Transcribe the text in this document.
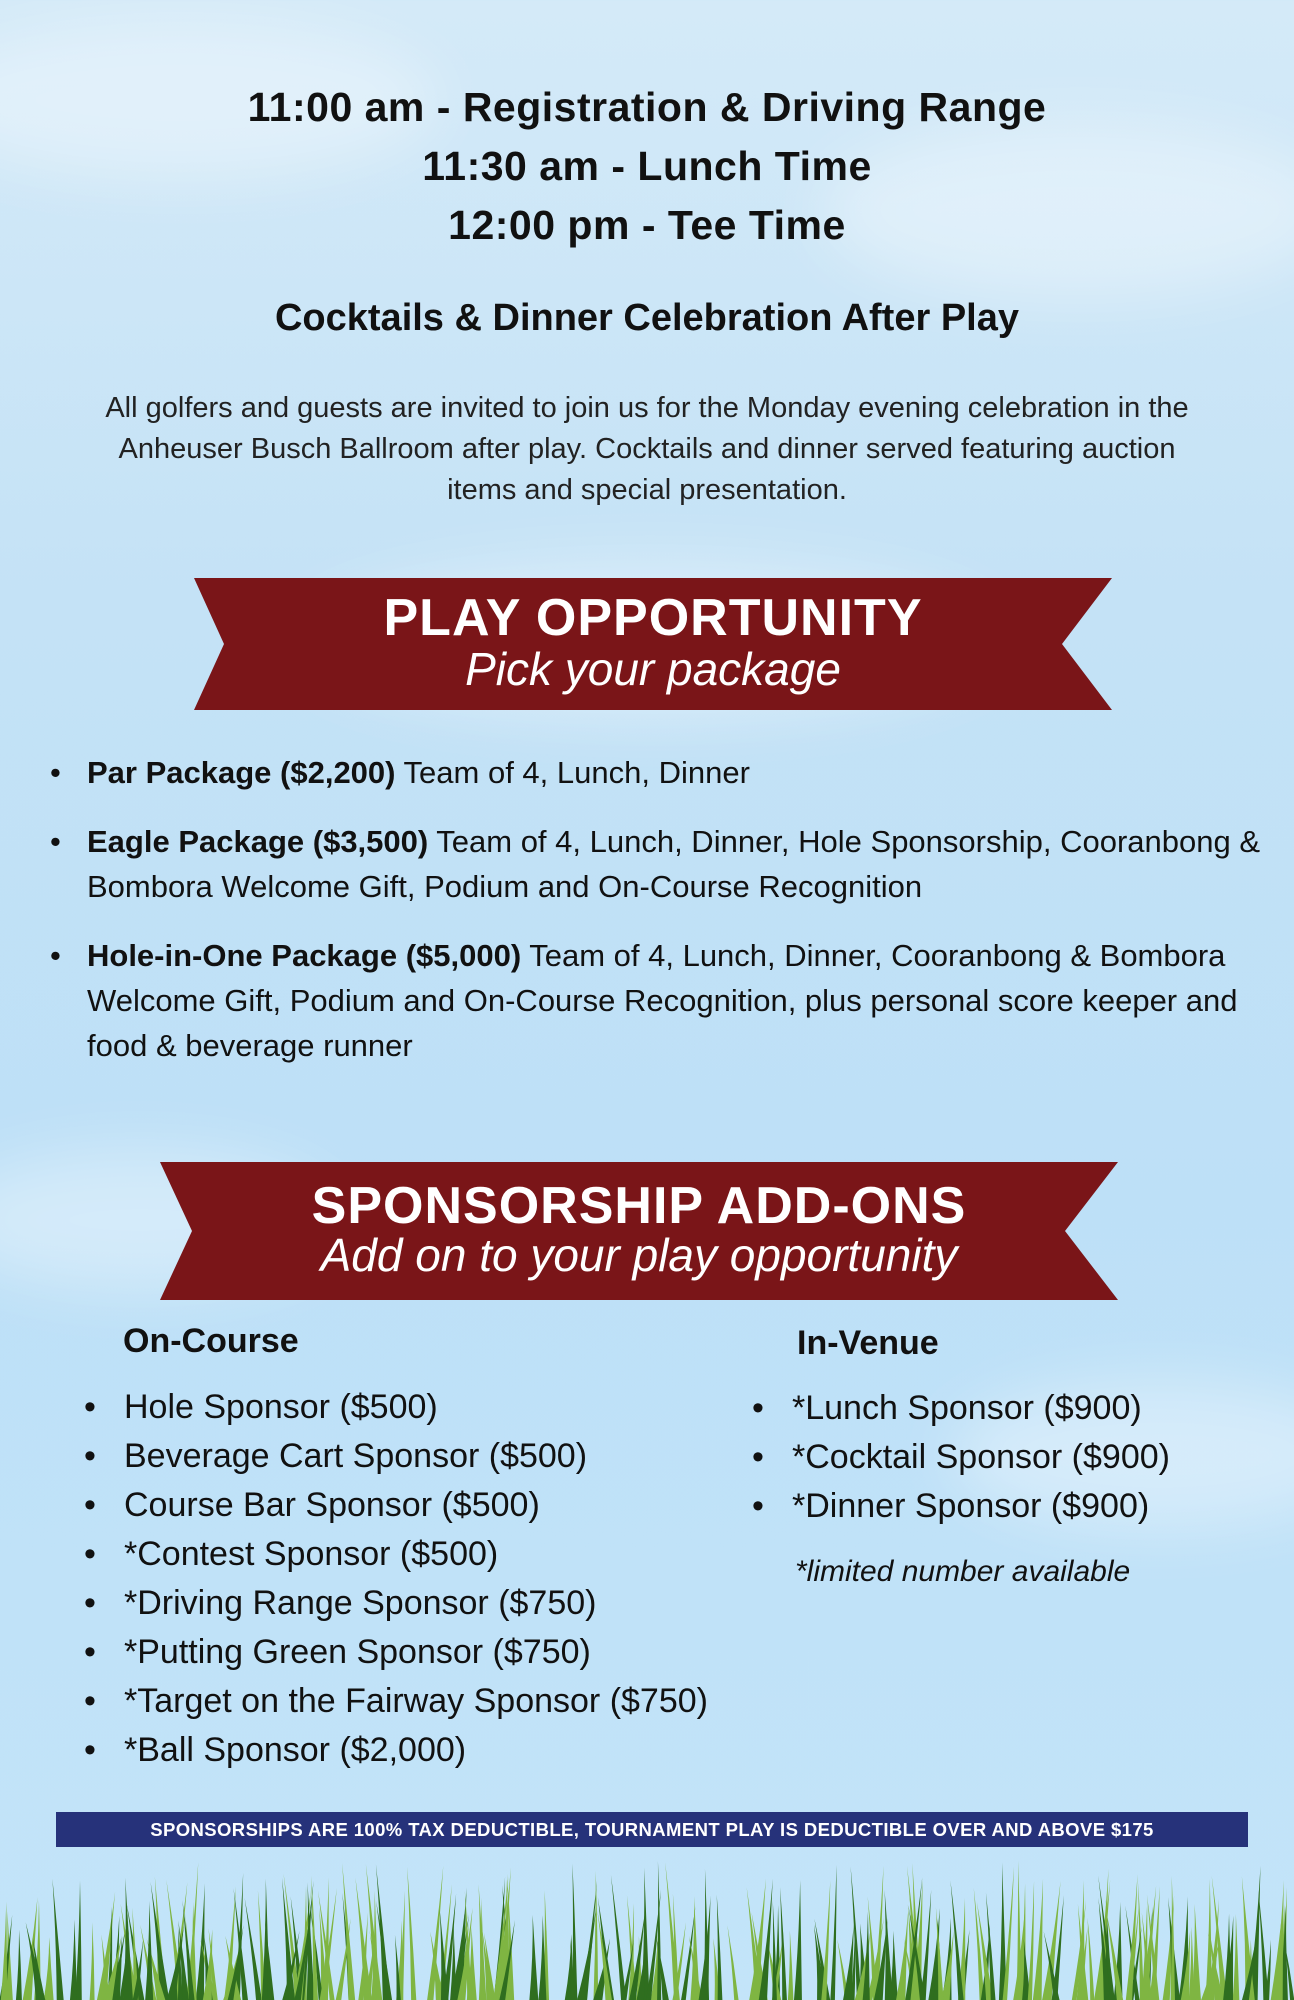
11:00 am - Registration & Driving Range
11:30 am - Lunch Time
12:00 pm - Tee Time
Cocktails & Dinner Celebration After Play
All golfers and guests are invited to join us for the Monday evening celebration in the Anheuser Busch Ballroom after play. Cocktails and dinner served featuring auction items and special presentation.
PLAY OPPORTUNITY
Pick your package
• Par Package ($2,200) Team of 4, Lunch, Dinner
• Eagle Package ($3,500) Team of 4, Lunch, Dinner, Hole Sponsorship, Cooranbong & Bombora Welcome Gift, Podium and On-Course Recognition
• Hole-in-One Package ($5,000) Team of 4, Lunch, Dinner, Cooranbong & Bombora Welcome Gift, Podium and On-Course Recognition, plus personal score keeper and food & beverage runner
SPONSORSHIP ADD-ONS
Add on to your play opportunity
On-Course
• Hole Sponsor ($500)
• Beverage Cart Sponsor ($500)
• Course Bar Sponsor ($500)
• *Contest Sponsor ($500)
• *Driving Range Sponsor ($750)
• *Putting Green Sponsor ($750)
• *Target on the Fairway Sponsor ($750)
• *Ball Sponsor ($2,000)
In-Venue
• *Lunch Sponsor ($900)
• *Cocktail Sponsor ($900)
• *Dinner Sponsor ($900)
*limited number available
SPONSORSHIPS ARE 100% TAX DEDUCTIBLE, TOURNAMENT PLAY IS DEDUCTIBLE OVER AND ABOVE $175
